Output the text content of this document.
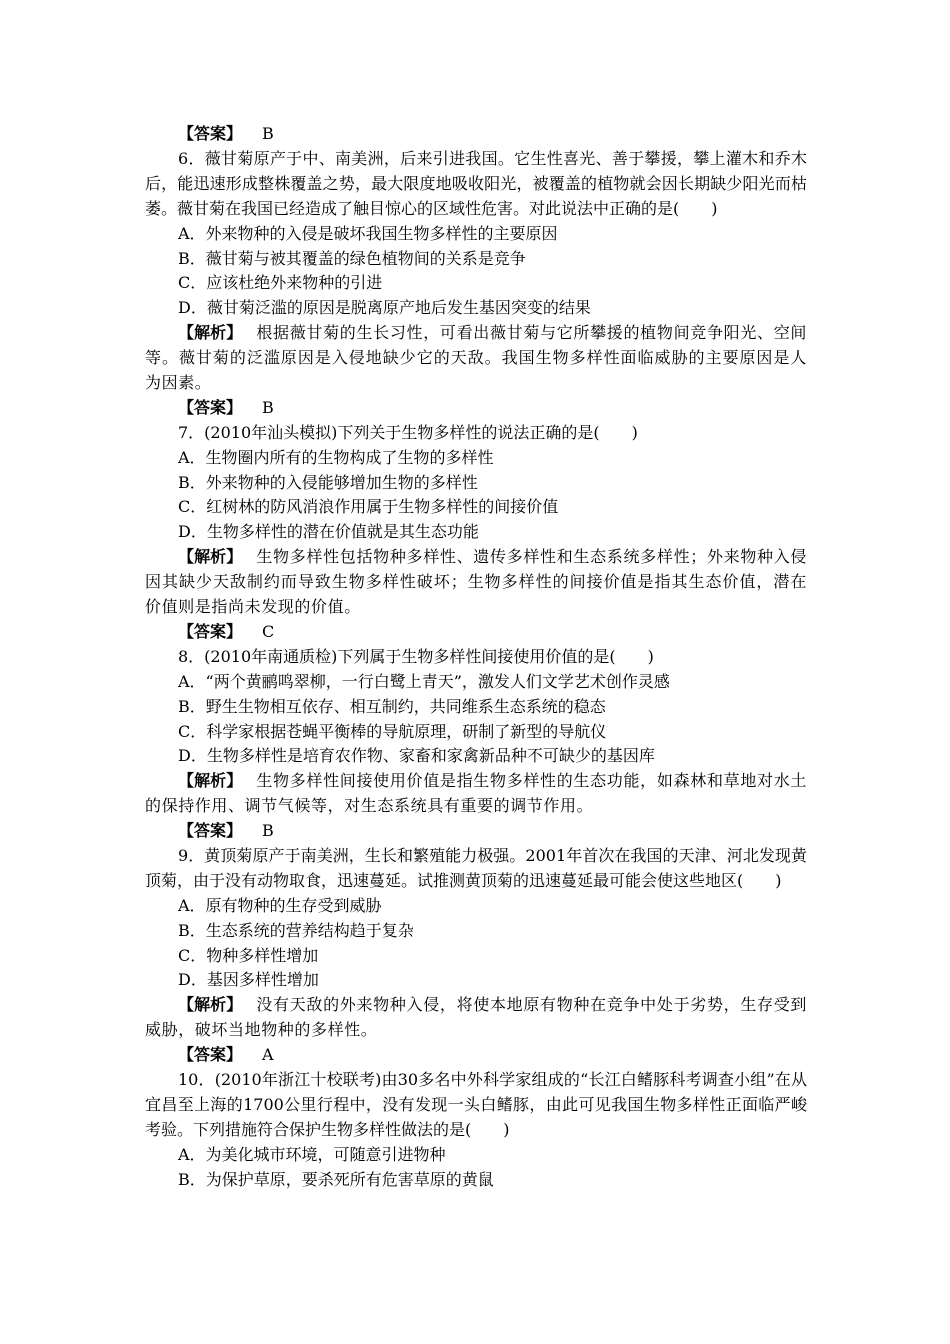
【答案】 B
6．薇甘菊原产于中、南美洲，后来引进我国。它生性喜光、善于攀援，攀上灌木和乔木后，能迅速形成整株覆盖之势，最大限度地吸收阳光，被覆盖的植物就会因长期缺少阳光而枯萎。薇甘菊在我国已经造成了触目惊心的区域性危害。对此说法中正确的是(　　)
A．外来物种的入侵是破坏我国生物多样性的主要原因
B．薇甘菊与被其覆盖的绿色植物间的关系是竞争
C．应该杜绝外来物种的引进
D．薇甘菊泛滥的原因是脱离原产地后发生基因突变的结果
【解析】 根据薇甘菊的生长习性，可看出薇甘菊与它所攀援的植物间竞争阳光、空间等。薇甘菊的泛滥原因是入侵地缺少它的天敌。我国生物多样性面临威胁的主要原因是人为因素。
【答案】 B
7．(2010年汕头模拟)下列关于生物多样性的说法正确的是(　　)
A．生物圈内所有的生物构成了生物的多样性
B．外来物种的入侵能够增加生物的多样性
C．红树林的防风消浪作用属于生物多样性的间接价值
D．生物多样性的潜在价值就是其生态功能
【解析】 生物多样性包括物种多样性、遗传多样性和生态系统多样性；外来物种入侵因其缺少天敌制约而导致生物多样性破坏；生物多样性的间接价值是指其生态价值，潜在价值则是指尚未发现的价值。
【答案】 C
8．(2010年南通质检)下列属于生物多样性间接使用价值的是(　　)
A．“两个黄鹂鸣翠柳，一行白鹭上青天”，激发人们文学艺术创作灵感
B．野生生物相互依存、相互制约，共同维系生态系统的稳态
C．科学家根据苍蝇平衡棒的导航原理，研制了新型的导航仪
D．生物多样性是培育农作物、家畜和家禽新品种不可缺少的基因库
【解析】 生物多样性间接使用价值是指生物多样性的生态功能，如森林和草地对水土的保持作用、调节气候等，对生态系统具有重要的调节作用。
【答案】 B
9．黄顶菊原产于南美洲，生长和繁殖能力极强。2001年首次在我国的天津、河北发现黄顶菊，由于没有动物取食，迅速蔓延。试推测黄顶菊的迅速蔓延最可能会使这些地区(　　)
A．原有物种的生存受到威胁
B．生态系统的营养结构趋于复杂
C．物种多样性增加
D．基因多样性增加
【解析】 没有天敌的外来物种入侵，将使本地原有物种在竞争中处于劣势，生存受到威胁，破坏当地物种的多样性。
【答案】 A
10．(2010年浙江十校联考)由30多名中外科学家组成的“长江白鳍豚科考调查小组”在从宜昌至上海的1700公里行程中，没有发现一头白鳍豚，由此可见我国生物多样性正面临严峻考验。下列措施符合保护生物多样性做法的是(　　)
A．为美化城市环境，可随意引进物种
B．为保护草原，要杀死所有危害草原的黄鼠
